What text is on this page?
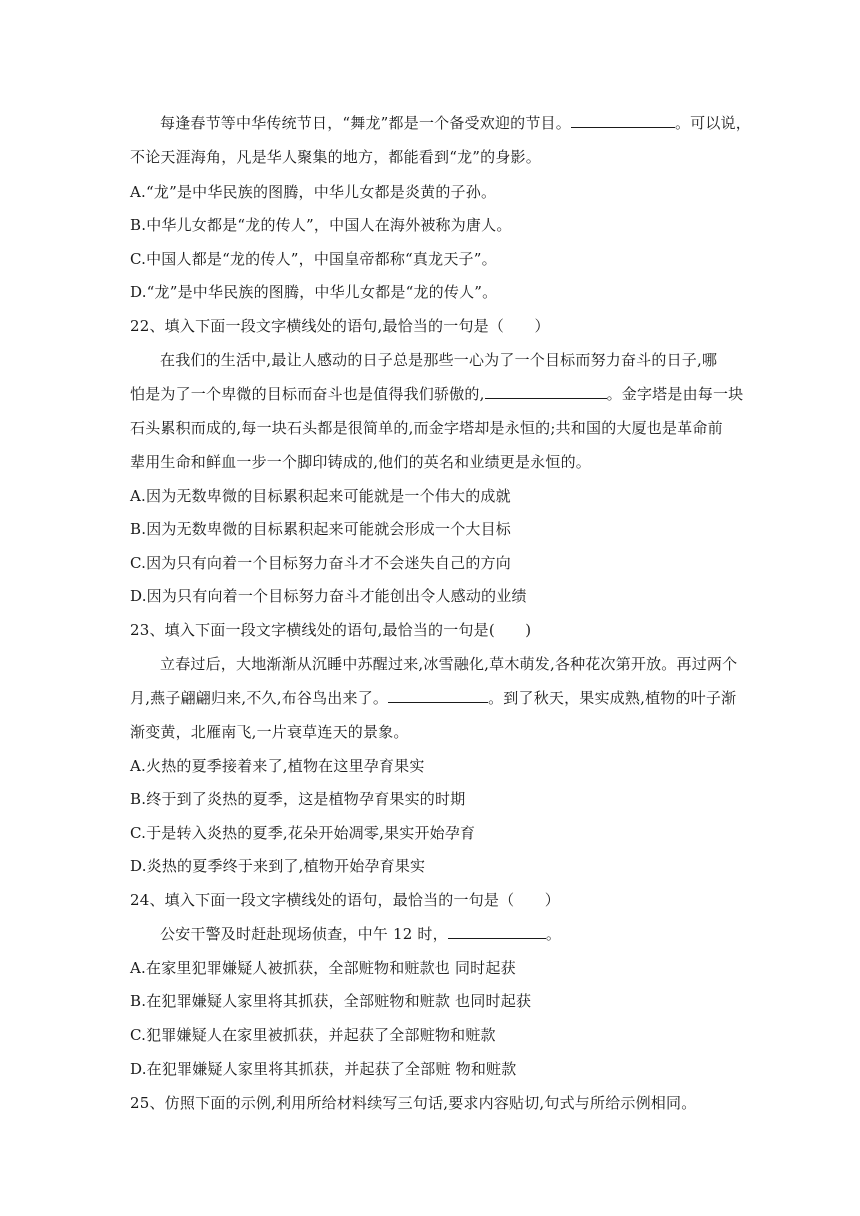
每逢春节等中华传统节日，“舞龙”都是一个备受欢迎的节目。	。可以说，
不论天涯海角，凡是华人聚集的地方，都能看到“龙”的身影。
A.“龙”是中华民族的图腾，中华儿女都是炎黄的子孙。
B.中华儿女都是“龙的传人”，中国人在海外被称为唐人。
C.中国人都是“龙的传人”，中国皇帝都称“真龙天子”。
D.“龙”是中华民族的图腾，中华儿女都是“龙的传人”。
22、填入下面一段文字横线处的语句,最恰当的一句是（　　）
在我们的生活中,最让人感动的日子总是那些一心为了一个目标而努力奋斗的日子,哪
怕是为了一个卑微的目标而奋斗也是值得我们骄傲的,	。金字塔是由每一块
石头累积而成的,每一块石头都是很简单的,而金字塔却是永恒的;共和国的大厦也是革命前
辈用生命和鲜血一步一个脚印铸成的,他们的英名和业绩更是永恒的。
A.因为无数卑微的目标累积起来可能就是一个伟大的成就
B.因为无数卑微的目标累积起来可能就会形成一个大目标
C.因为只有向着一个目标努力奋斗才不会迷失自己的方向
D.因为只有向着一个目标努力奋斗才能创出令人感动的业绩
23、填入下面一段文字横线处的语句,最恰当的一句是(　　)
立春过后，大地渐渐从沉睡中苏醒过来,冰雪融化,草木萌发,各种花次第开放。再过两个
月,燕子翩翩归来,不久,布谷鸟出来了。	。到了秋天，果实成熟,植物的叶子渐
渐变黄，北雁南飞,一片衰草连天的景象。
A.火热的夏季接着来了,植物在这里孕育果实
B.终于到了炎热的夏季，这是植物孕育果实的时期
C.于是转入炎热的夏季,花朵开始凋零,果实开始孕育
D.炎热的夏季终于来到了,植物开始孕育果实
24、填入下面一段文字横线处的语句，最恰当的一句是（　　）
公安干警及时赶赴现场侦查，中午 12 时，	。
A.在家里犯罪嫌疑人被抓获，全部赃物和赃款也 同时起获
B.在犯罪嫌疑人家里将其抓获，全部赃物和赃款 也同时起获
C.犯罪嫌疑人在家里被抓获，并起获了全部赃物和赃款
D.在犯罪嫌疑人家里将其抓获，并起获了全部赃 物和赃款
25、仿照下面的示例,利用所给材料续写三句话,要求内容贴切,句式与所给示例相同。
